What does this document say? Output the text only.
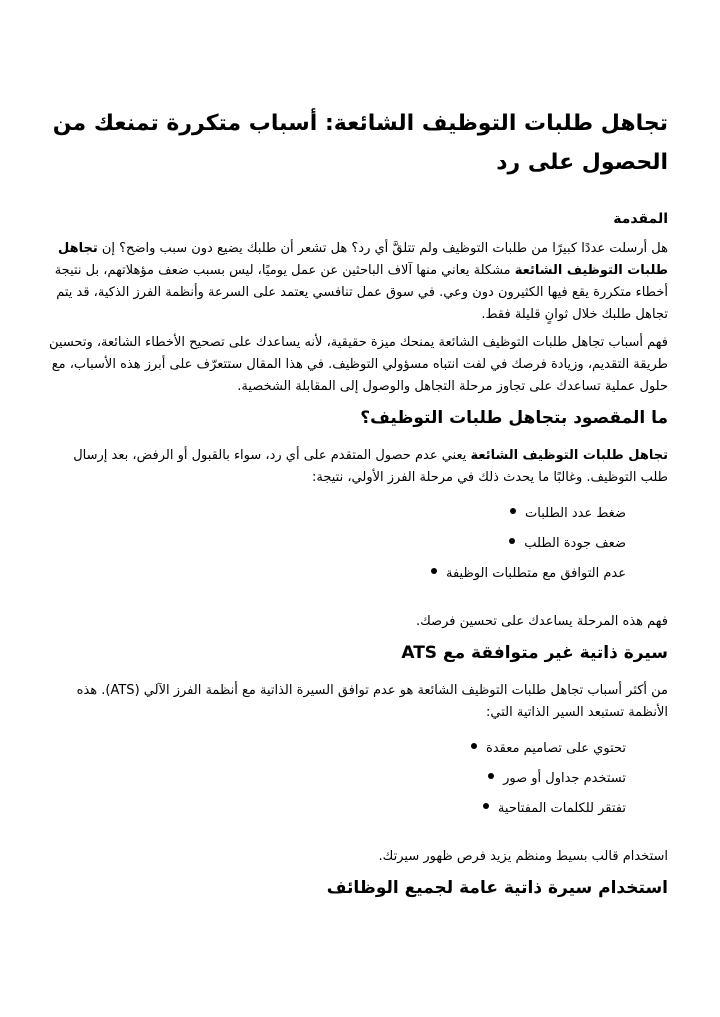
تجاهل طلبات التوظيف الشائعة: أسباب متكررة تمنعك من الحصول على رد
المقدمة

هل أرسلت عددًا كبيرًا من طلبات التوظيف ولم تتلقَّ أي رد؟ هل تشعر أن طلبك يضيع دون سبب واضح؟ إن تجاهل طلبات التوظيف الشائعة مشكلة يعاني منها آلاف الباحثين عن عمل يوميًا، ليس بسبب ضعف مؤهلاتهم، بل نتيجة أخطاء متكررة يقع فيها الكثيرون دون وعي. في سوق عمل تنافسي يعتمد على السرعة وأنظمة الفرز الذكية، قد يتم تجاهل طلبك خلال ثوانٍ قليلة فقط.

فهم أسباب تجاهل طلبات التوظيف الشائعة يمنحك ميزة حقيقية، لأنه يساعدك على تصحيح الأخطاء الشائعة، وتحسين طريقة التقديم، وزيادة فرصك في لفت انتباه مسؤولي التوظيف. في هذا المقال ستتعرّف على أبرز هذه الأسباب، مع حلول عملية تساعدك على تجاوز مرحلة التجاهل والوصول إلى المقابلة الشخصية.

ما المقصود بتجاهل طلبات التوظيف؟

تجاهل طلبات التوظيف الشائعة يعني عدم حصول المتقدم على أي رد، سواء بالقبول أو الرفض، بعد إرسال طلب التوظيف. وغالبًا ما يحدث ذلك في مرحلة الفرز الأولي، نتيجة:

ضغط عدد الطلبات
ضعف جودة الطلب
عدم التوافق مع متطلبات الوظيفة

فهم هذه المرحلة يساعدك على تحسين فرصك.

سيرة ذاتية غير متوافقة مع ATS

من أكثر أسباب تجاهل طلبات التوظيف الشائعة هو عدم توافق السيرة الذاتية مع أنظمة الفرز الآلي (ATS). هذه الأنظمة تستبعد السير الذاتية التي:

تحتوي على تصاميم معقدة
تستخدم جداول أو صور
تفتقر للكلمات المفتاحية

استخدام قالب بسيط ومنظم يزيد فرص ظهور سيرتك.

استخدام سيرة ذاتية عامة لجميع الوظائف
